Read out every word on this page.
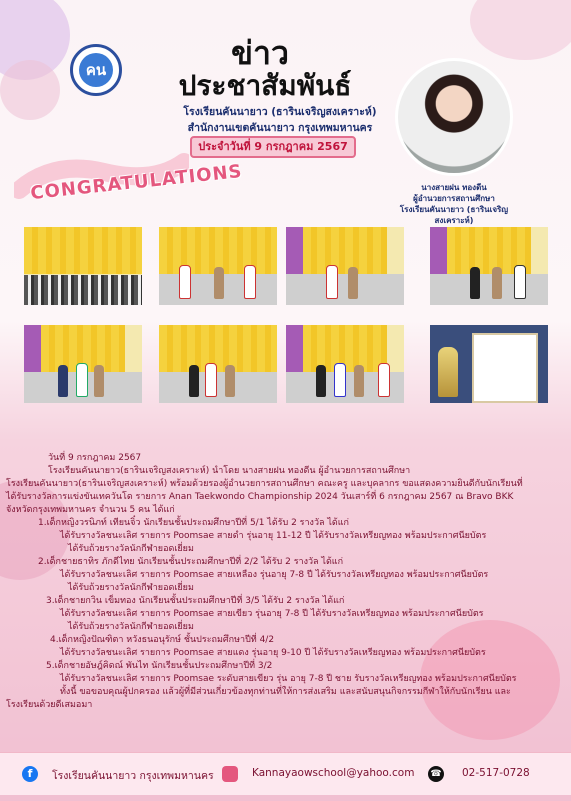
คน	ข่าว
ประชาสัมพันธ์
โรงเรียนคันนายาว (ธารินเจริญสงเคราะห์)
สำนักงานเขตคันนายาว กรุงเทพมหานคร
ประจำวันที่ 9 กรกฎาคม 2567
นางสายฝน ทองดีน
ผู้อำนวยการสถานศึกษา
โรงเรียนคันนายาว (ธารินเจริญสงเคราะห์)
CONGRATULATIONS
วันที่ 9 กรกฎาคม 2567
โรงเรียนคันนายาว(ธารินเจริญสงเคราะห์) นำโดย นางสายฝน ทองดีน ผู้อำนวยการสถานศึกษา
โรงเรียนคันนายาว(ธารินเจริญสงเคราะห์) พร้อมด้วยรองผู้อำนวยการสถานศึกษา คณะครู และบุคลากร ขอแสดงความยินดีกับนักเรียนที่
ได้รับรางวัลการแข่งขันเทควันโด รายการ Anan Taekwondo Championship 2024 วันเสาร์ที่ 6 กรกฎาคม 2567 ณ Bravo BKK
จังหวัดกรุงเทพมหานคร จำนวน 5 คน ได้แก่
1.เด็กหญิงวรนิภท์ เทียนจิ๋ว นักเรียนชั้นประถมศึกษาปีที่ 5/1 ได้รับ 2 รางวัล ได้แก่
ได้รับรางวัลชนะเลิศ รายการ Poomsae สายดำ รุ่นอายุ 11-12 ปี ได้รับรางวัลเหรียญทอง พร้อมประกาศนียบัตร
ได้รับถ้วยรางวัลนักกีฬายอดเยี่ยม
2.เด็กชายธาทิร ภักดีไทย นักเรียนชั้นประถมศึกษาปีที่ 2/2 ได้รับ 2 รางวัล ได้แก่
ได้รับรางวัลชนะเลิศ รายการ Poomsae สายเหลือง รุ่นอายุ 7-8 ปี ได้รับรางวัลเหรียญทอง พร้อมประกาศนียบัตร
ได้รับถ้วยรางวัลนักกีฬายอดเยี่ยม
3.เด็กชายกวิน เข็มทอง นักเรียนชั้นประถมศึกษาปีที่ 3/5 ได้รับ 2 รางวัล ได้แก่
ได้รับรางวัลชนะเลิศ รายการ Poomsae สายเขียว รุ่นอายุ 7-8 ปี ได้รับรางวัลเหรียญทอง พร้อมประกาศนียบัตร
ได้รับถ้วยรางวัลนักกีฬายอดเยี่ยม
4.เด็กหญิงปัณฑิตา หวังธนอนุรักษ์ ชั้นประถมศึกษาปีที่ 4/2
ได้รับรางวัลชนะเลิศ รายการ Poomsae สายแดง รุ่นอายุ 9-10 ปี ได้รับรางวัลเหรียญทอง พร้อมประกาศนียบัตร
5.เด็กชายอัษฎ์คิดณ์ พันไท นักเรียนชั้นประถมศึกษาปีที่ 3/2
ได้รับรางวัลชนะเลิศ รายการ Poomsae ระดับสายเขียว รุ่น อายุ 7-8 ปี ชาย รับรางวัลเหรียญทอง พร้อมประกาศนียบัตร
ทั้งนี้ ขอขอบคุณผู้ปกครอง แล้วผู้ที่มีส่วนเกี่ยวข้องทุกท่านที่ให้การส่งเสริม และสนับสนุนกิจกรรมกีฬาให้กับนักเรียน และ
โรงเรียนด้วยดีเสมอมา
f	โรงเรียนคันนายาว กรุงเทพมหานคร	Kannayaowschool@yahoo.com ☎ 02-517-0728
